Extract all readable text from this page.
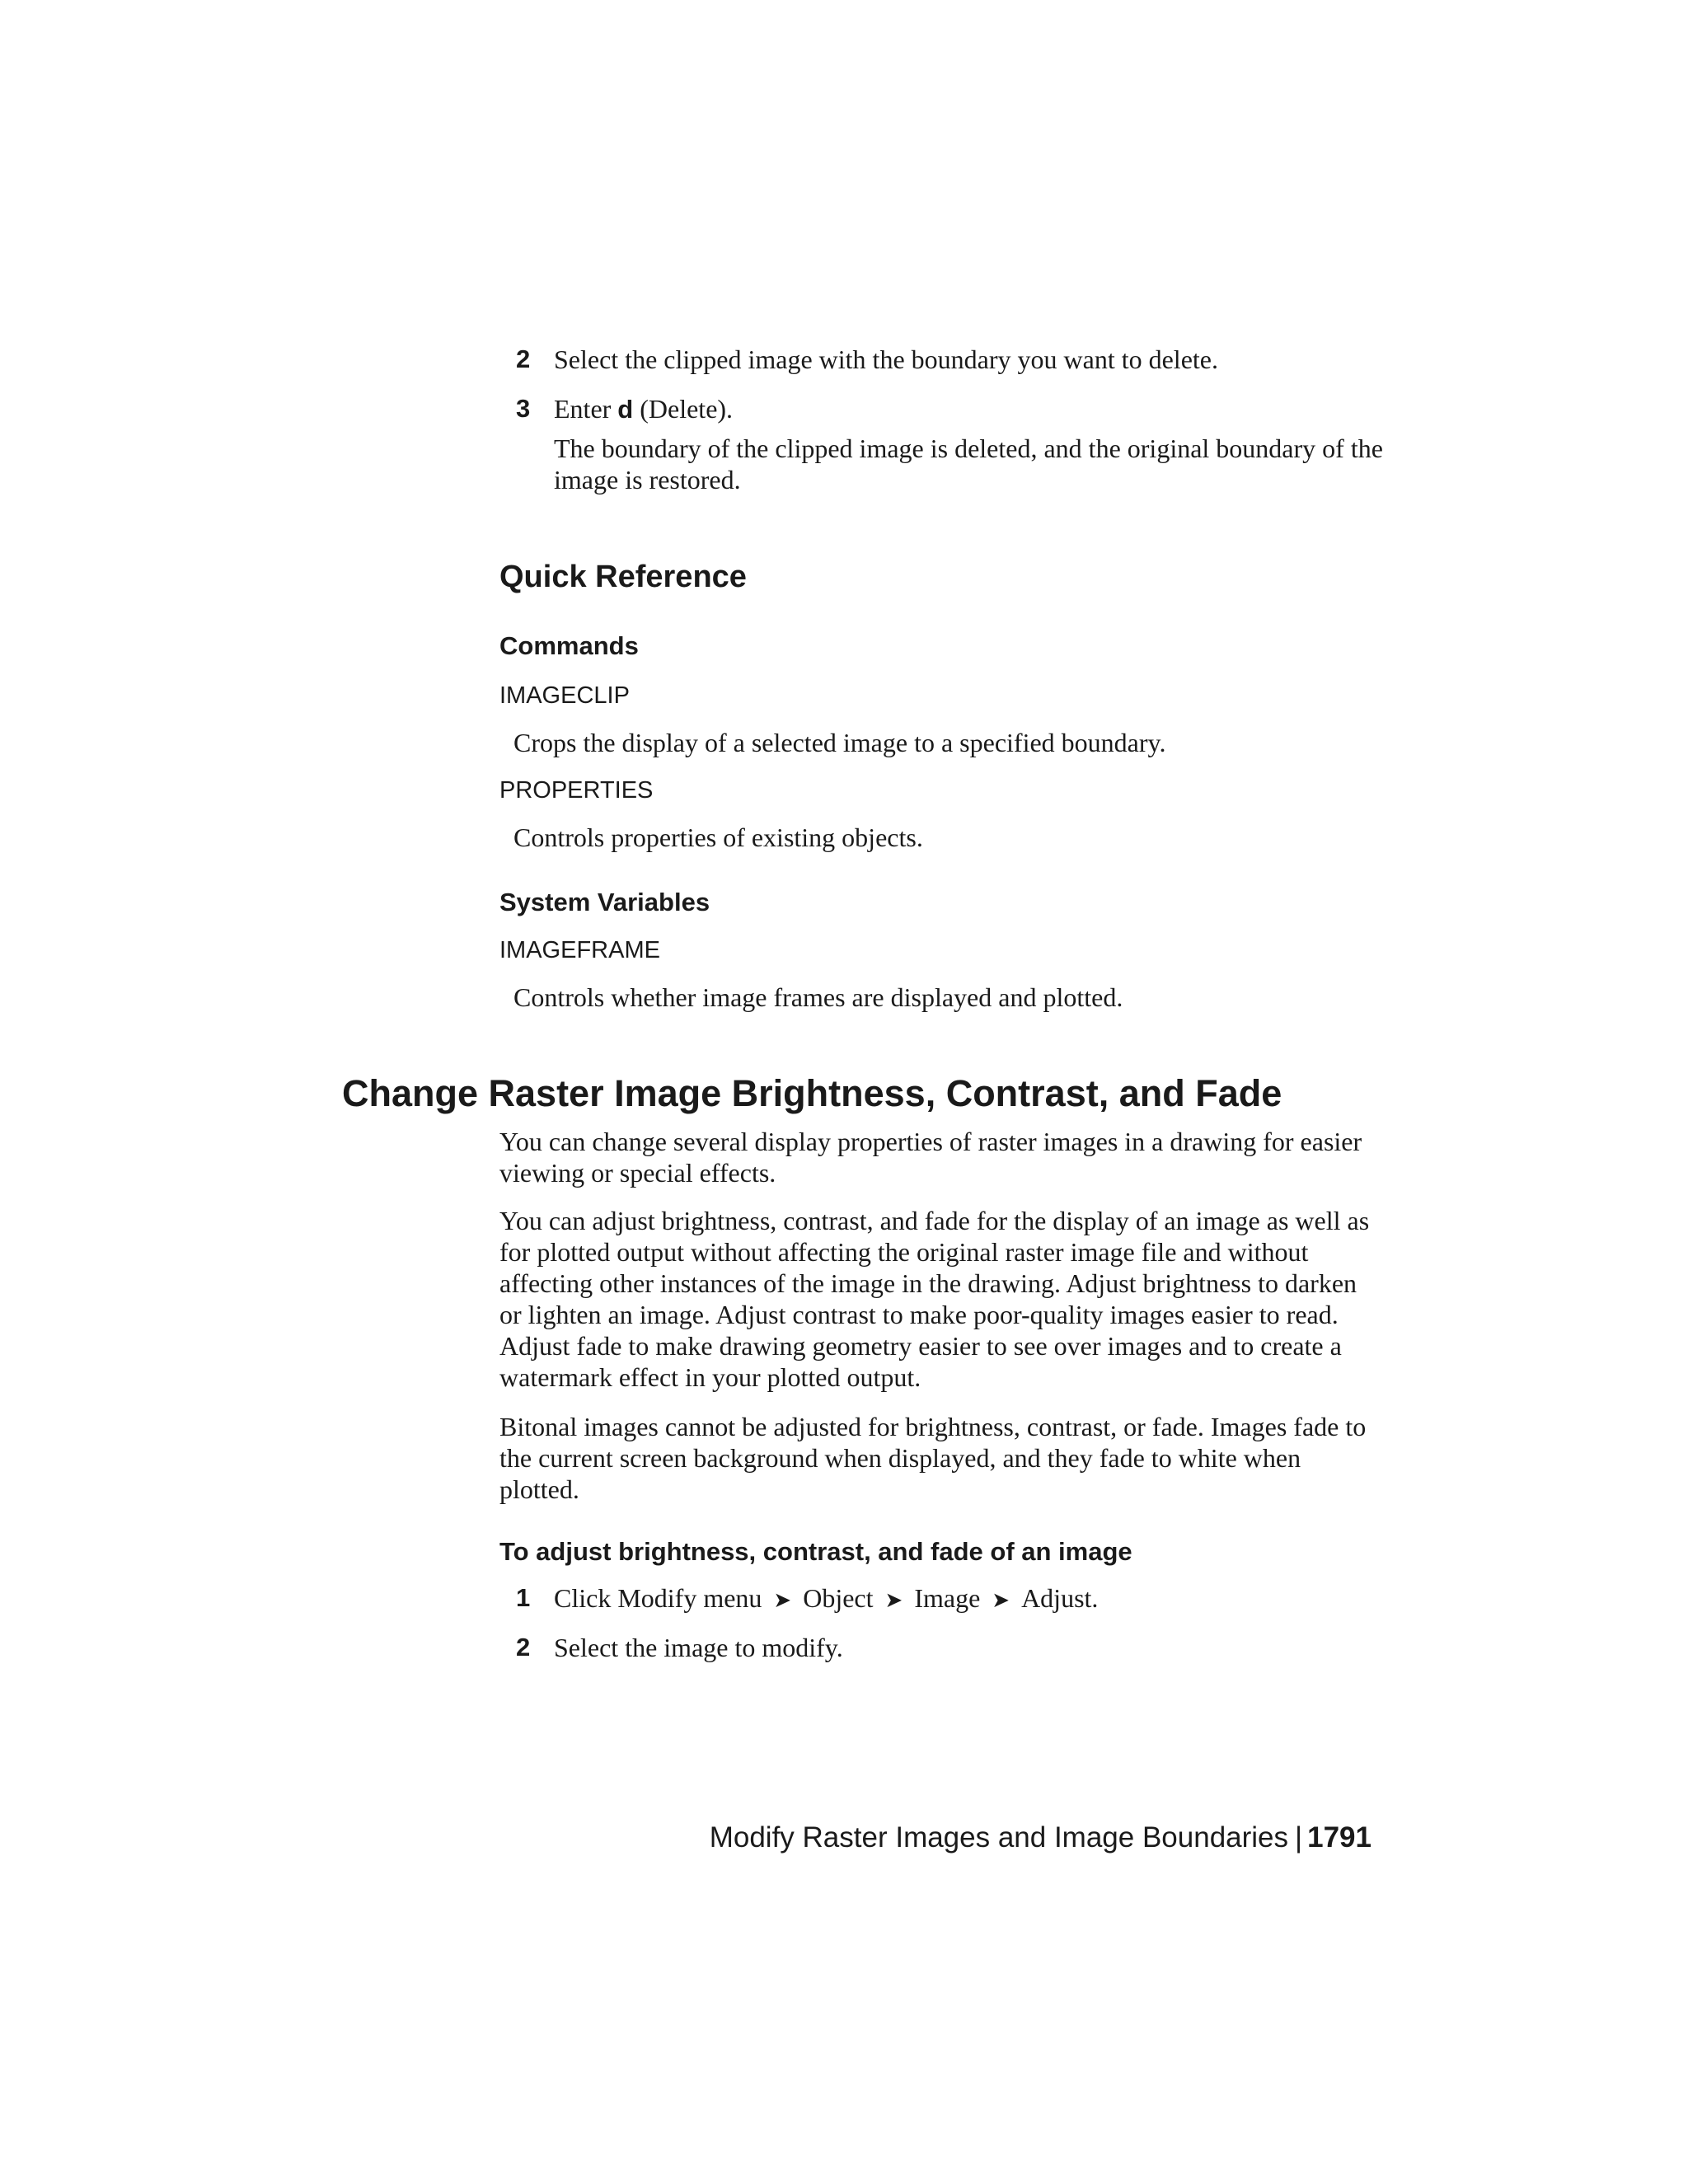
2 Select the clipped image with the boundary you want to delete.
3 Enter d (Delete).
The boundary of the clipped image is deleted, and the original boundary of the image is restored.
Quick Reference
Commands
IMAGECLIP
Crops the display of a selected image to a specified boundary.
PROPERTIES
Controls properties of existing objects.
System Variables
IMAGEFRAME
Controls whether image frames are displayed and plotted.
Change Raster Image Brightness, Contrast, and Fade
You can change several display properties of raster images in a drawing for easier viewing or special effects.
You can adjust brightness, contrast, and fade for the display of an image as well as for plotted output without affecting the original raster image file and without affecting other instances of the image in the drawing. Adjust brightness to darken or lighten an image. Adjust contrast to make poor-quality images easier to read. Adjust fade to make drawing geometry easier to see over images and to create a watermark effect in your plotted output.
Bitonal images cannot be adjusted for brightness, contrast, or fade. Images fade to the current screen background when displayed, and they fade to white when plotted.
To adjust brightness, contrast, and fade of an image
1 Click Modify menu ➤ Object ➤ Image ➤ Adjust.
2 Select the image to modify.
Modify Raster Images and Image Boundaries | 1791
